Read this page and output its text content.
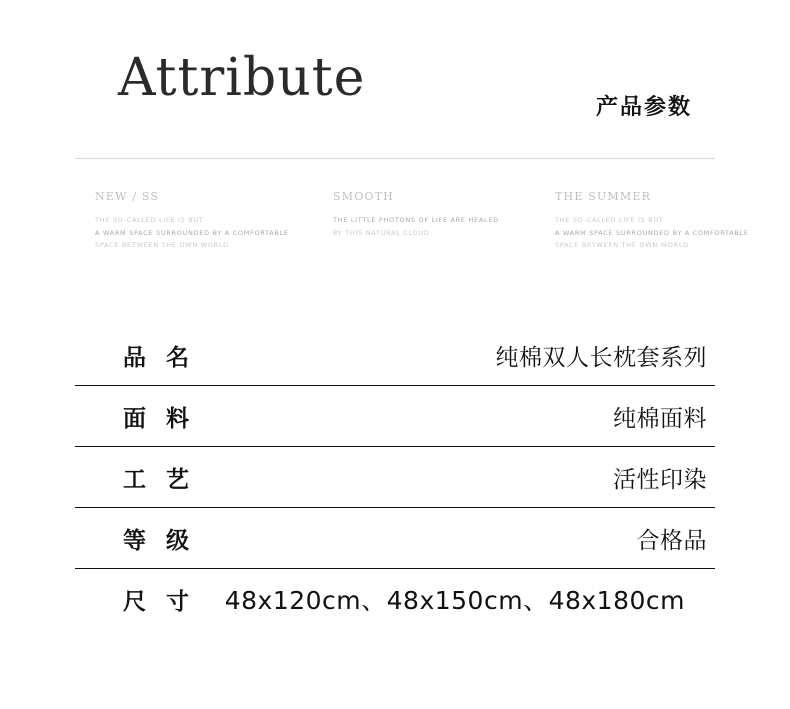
Attribute	产品参数
NEW / SS
THE SO-CALLED LIFE IS BUT
A WARM SPACE SURROUNDED BY A COMFORTABLE
SPACE BETWEEN THE OWN WORLD
SMOOTH
THE LITTLE PHOTONS OF LIFE ARE HEALED
BY THIS NATURAL CLOUD
THE SUMMER
THE SO-CALLED LIFE IS BUT
A WARM SPACE SURROUNDED BY A COMFORTABLE
SPACE BETWEEN THE OWN WORLD
品 名	纯棉双人长枕套系列
面 料	纯棉面料
工 艺	活性印染
等 级	合格品
尺 寸 48x120cm、48x150cm、48x180cm
